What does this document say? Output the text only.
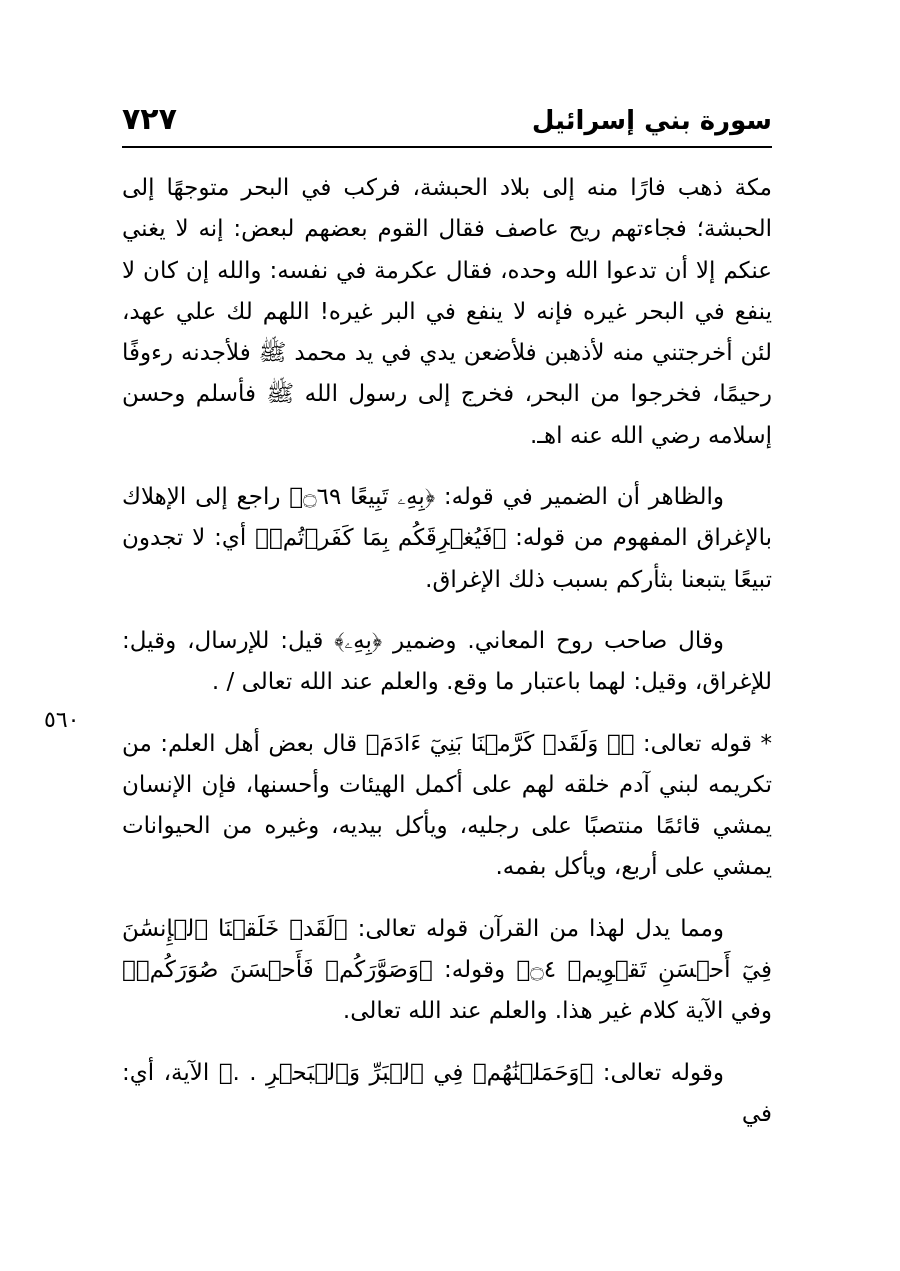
سورة بني إسرائيل
٧٢٧
٥٦٠

مكة ذهب فارًا منه إلى بلاد الحبشة، فركب في البحر متوجهًا إلى الحبشة؛ فجاءتهم ريح عاصف فقال القوم بعضهم لبعض: إنه لا يغني عنكم إلا أن تدعوا الله وحده، فقال عكرمة في نفسه: والله إن كان لا ينفع في البحر غيره فإنه لا ينفع في البر غيره! اللهم لك علي عهد، لئن أخرجتني منه لأذهبن فلأضعن يدي في يد محمد ﷺ فلأجدنه رءوفًا رحيمًا، فخرجوا من البحر، فخرج إلى رسول الله ﷺ فأسلم وحسن إسلامه رضي الله عنه اهـ.

والظاهر أن الضمير في قوله: ﴿بِهِۦ تَبِيعًا ۝٦٩﴾ راجع إلى الإهلاك بالإغراق المفهوم من قوله: ﴿فَيُغۡرِقَكُم بِمَا كَفَرۡتُمۡ﴾ أي: لا تجدون تبيعًا يتبعنا بثأركم بسبب ذلك الإغراق.

وقال صاحب روح المعاني. وضمير ﴿بِهِۦ﴾ قيل: للإرسال، وقيل: للإغراق، وقيل: لهما باعتبار ما وقع. والعلم عند الله تعالى / .

* قوله تعالى: ﴿۞ وَلَقَدۡ كَرَّمۡنَا بَنِيٓ ءَادَمَ﴾ قال بعض أهل العلم: من تكريمه لبني آدم خلقه لهم على أكمل الهيئات وأحسنها، فإن الإنسان يمشي قائمًا منتصبًا على رجليه، ويأكل بيديه، وغيره من الحيوانات يمشي على أربع، ويأكل بفمه.

ومما يدل لهذا من القرآن قوله تعالى: ﴿لَقَدۡ خَلَقۡنَا ٱلۡإِنسَٰنَ فِيٓ أَحۡسَنِ تَقۡوِيمٖ ۝٤﴾ وقوله: ﴿وَصَوَّرَكُمۡ فَأَحۡسَنَ صُوَرَكُمۡ﴾ وفي الآية كلام غير هذا. والعلم عند الله تعالى.

وقوله تعالى: ﴿وَحَمَلۡنَٰهُمۡ فِي ٱلۡبَرِّ وَٱلۡبَحۡرِ . .﴾ الآية، أي: في
